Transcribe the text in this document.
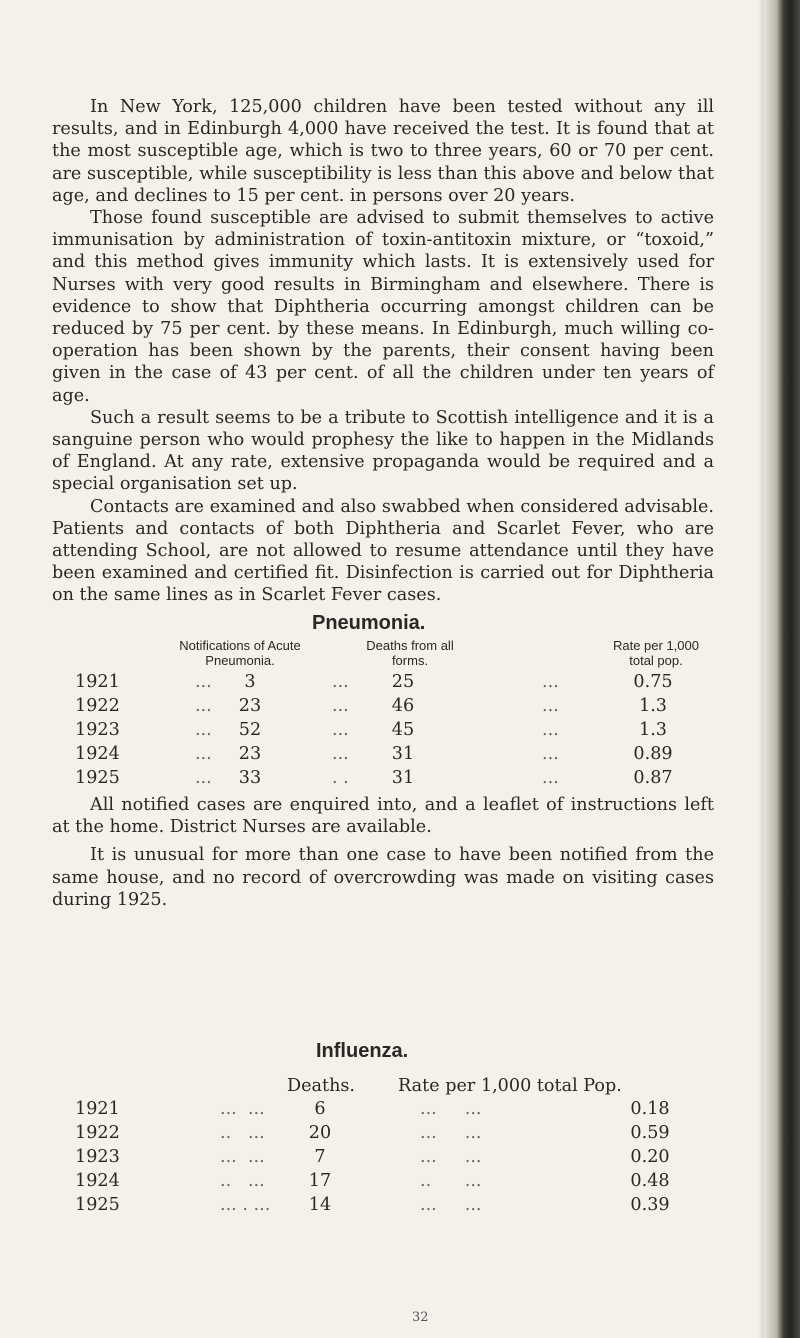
In New York, 125,000 children have been tested without any ill results, and in Edinburgh 4,000 have received the test. It is found that at the most susceptible age, which is two to three years, 60 or 70 per cent. are susceptible, while susceptibility is less than this above and below that age, and declines to 15 per cent. in persons over 20 years.

Those found susceptible are advised to submit themselves to active immunisation by administration of toxin-antitoxin mixture, or “toxoid,” and this method gives immunity which lasts. It is extensively used for Nurses with very good results in Birmingham and elsewhere. There is evidence to show that Diphtheria occurring amongst children can be reduced by 75 per cent. by these means. In Edinburgh, much willing co-operation has been shown by the parents, their consent having been given in the case of 43 per cent. of all the children under ten years of age.

Such a result seems to be a tribute to Scottish intelligence and it is a sanguine person who would prophesy the like to happen in the Midlands of England. At any rate, extensive propaganda would be required and a special organisation set up.

Contacts are examined and also swabbed when considered advisable. Patients and contacts of both Diphtheria and Scarlet Fever, who are attending School, are not allowed to resume attendance until they have been examined and certified fit. Disinfection is carried out for Diphtheria on the same lines as in Scarlet Fever cases.

Pneumonia.
Notifications of Acute Pneumonia.
Deaths from all forms.
Rate per 1,000 total pop.
1921	...	3	...	25	...	0.75
1922	...	23	...	46	...	1.3
1923	...	52	...	45	...	1.3
1924	...	23	...	31	...	0.89
1925	...	33	. .	31	...	0.87

All notified cases are enquired into, and a leaflet of instructions left at the home. District Nurses are available.

It is unusual for more than one case to have been notified from the same house, and no record of overcrowding was made on visiting cases during 1925.

Influenza.
Deaths. Rate per 1,000 total Pop.
1921	...  ...	6	...     ...	0.18
1922	..   ...	20	...     ...	0.59
1923	...  ...	7	...     ...	0.20
1924	..   ...	17	..      ...	0.48
1925	... . ...	14	...     ...	0.39
32
